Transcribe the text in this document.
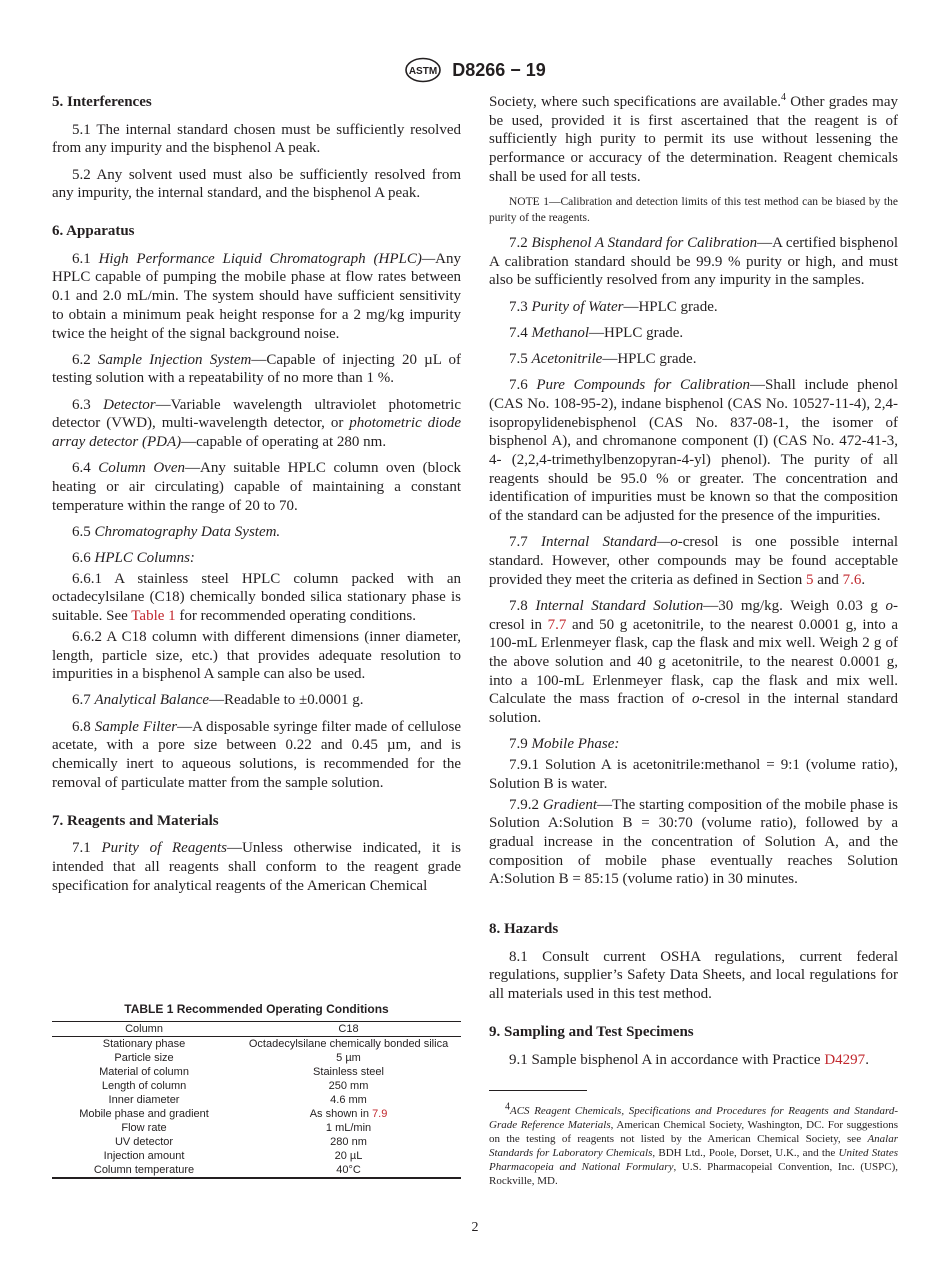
ASTM D8266 − 19
5. Interferences

5.1 The internal standard chosen must be sufficiently resolved from any impurity and the bisphenol A peak.

5.2 Any solvent used must also be sufficiently resolved from any impurity, the internal standard, and the bisphenol A peak.

6. Apparatus

6.1 High Performance Liquid Chromatograph (HPLC)—Any HPLC capable of pumping the mobile phase at flow rates between 0.1 and 2.0 mL/min. The system should have sufficient sensitivity to obtain a minimum peak height response for a 2 mg/kg impurity twice the height of the signal background noise.

6.2 Sample Injection System—Capable of injecting 20 µL of testing solution with a repeatability of no more than 1 %.

6.3 Detector—Variable wavelength ultraviolet photometric detector (VWD), multi-wavelength detector, or photometric diode array detector (PDA)—capable of operating at 280 nm.

6.4 Column Oven—Any suitable HPLC column oven (block heating or air circulating) capable of maintaining a constant temperature within the range of 20 to 70.

6.5 Chromatography Data System.

6.6 HPLC Columns:

6.6.1 A stainless steel HPLC column packed with an octadecylsilane (C18) chemically bonded silica stationary phase is suitable. See Table 1 for recommended operating conditions.

6.6.2 A C18 column with different dimensions (inner diameter, length, particle size, etc.) that provides adequate resolution to impurities in a bisphenol A sample can also be used.

6.7 Analytical Balance—Readable to ±0.0001 g.

6.8 Sample Filter—A disposable syringe filter made of cellulose acetate, with a pore size between 0.22 and 0.45 µm, and is chemically inert to aqueous solutions, is recommended for the removal of particulate matter from the sample solution.

7. Reagents and Materials

7.1 Purity of Reagents—Unless otherwise indicated, it is intended that all reagents shall conform to the reagent grade specification for analytical reagents of the American Chemical

Society, where such specifications are available.$^4$ Other grades may be used, provided it is first ascertained that the reagent is of sufficiently high purity to permit its use without lessening the performance or accuracy of the determination. Reagent chemicals shall be used for all tests.

NOTE 1—Calibration and detection limits of this test method can be biased by the purity of the reagents.

7.2 Bisphenol A Standard for Calibration—A certified bisphenol A calibration standard should be 99.9 % purity or high, and must also be sufficiently resolved from any impurity in the samples.

7.3 Purity of Water—HPLC grade.

7.4 Methanol—HPLC grade.

7.5 Acetonitrile—HPLC grade.

7.6 Pure Compounds for Calibration—Shall include phenol (CAS No. 108-95-2), indane bisphenol (CAS No. 10527-11-4), 2,4-isopropylidenebisphenol (CAS No. 837-08-1, the isomer of bisphenol A), and chromanone component (I) (CAS No. 472-41-3, 4- (2,2,4-trimethylbenzopyran-4-yl) phenol). The purity of all reagents should be 95.0 % or greater. The concentration and identification of impurities must be known so that the composition of the standard can be adjusted for the presence of the impurities.

7.7 Internal Standard—o-cresol is one possible internal standard. However, other compounds may be found acceptable provided they meet the criteria as defined in Section 5 and 7.6.

7.8 Internal Standard Solution—30 mg/kg. Weigh 0.03 g o-cresol in 7.7 and 50 g acetonitrile, to the nearest 0.0001 g, into a 100-mL Erlenmeyer flask, cap the flask and mix well. Weigh 2 g of the above solution and 40 g acetonitrile, to the nearest 0.0001 g, into a 100-mL Erlenmeyer flask, cap the flask and mix well. Calculate the mass fraction of o-cresol in the internal standard solution.

7.9 Mobile Phase:

7.9.1 Solution A is acetonitrile:methanol = 9:1 (volume ratio), Solution B is water.

7.9.2 Gradient—The starting composition of the mobile phase is Solution A:Solution B = 30:70 (volume ratio), followed by a gradual increase in the concentration of Solution A, and the composition of mobile phase eventually reaches Solution A:Solution B = 85:15 (volume ratio) in 30 minutes.

8. Hazards

8.1 Consult current OSHA regulations, current federal regulations, supplier’s Safety Data Sheets, and local regulations for all materials used in this test method.

9. Sampling and Test Specimens

9.1 Sample bisphenol A in accordance with Practice D4297.

TABLE 1 Recommended Operating Conditions
Column	C18
Stationary phase	Octadecylsilane chemically bonded silica
Particle size	5 µm
Material of column	Stainless steel
Length of column	250 mm
Inner diameter	4.6 mm
Mobile phase and gradient	As shown in 7.9
Flow rate	1 mL/min
UV detector	280 nm
Injection amount	20 µL
Column temperature	40°C
$^4$ACS Reagent Chemicals, Specifications and Procedures for Reagents and Standard-Grade Reference Materials, American Chemical Society, Washington, DC. For suggestions on the testing of reagents not listed by the American Chemical Society, see Analar Standards for Laboratory Chemicals, BDH Ltd., Poole, Dorset, U.K., and the United States Pharmacopeia and National Formulary, U.S. Pharmacopeial Convention, Inc. (USPC), Rockville, MD.
2
